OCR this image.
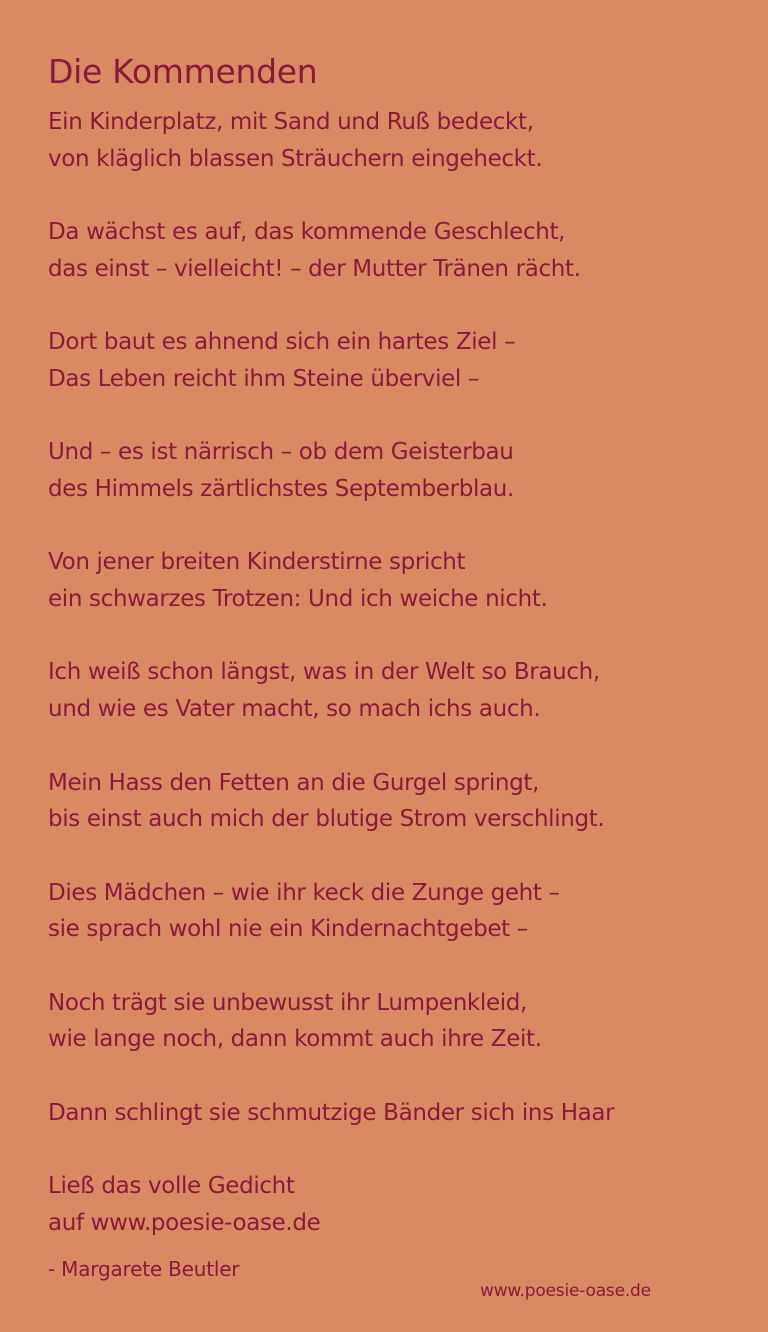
Die Kommenden
Ein Kinderplatz, mit Sand und Ruß bedeckt,
von kläglich blassen Sträuchern eingeheckt.
Da wächst es auf, das kommende Geschlecht,
das einst – vielleicht! – der Mutter Tränen rächt.
Dort baut es ahnend sich ein hartes Ziel –
Das Leben reicht ihm Steine überviel –
Und – es ist närrisch – ob dem Geisterbau
des Himmels zärtlichstes Septemberblau.
Von jener breiten Kinderstirne spricht
ein schwarzes Trotzen: Und ich weiche nicht.
Ich weiß schon längst, was in der Welt so Brauch,
und wie es Vater macht, so mach ichs auch.
Mein Hass den Fetten an die Gurgel springt,
bis einst auch mich der blutige Strom verschlingt.
Dies Mädchen – wie ihr keck die Zunge geht –
sie sprach wohl nie ein Kindernachtgebet –
Noch trägt sie unbewusst ihr Lumpenkleid,
wie lange noch, dann kommt auch ihre Zeit.
Dann schlingt sie schmutzige Bänder sich ins Haar
Ließ das volle Gedicht
auf www.poesie-oase.de
- Margarete Beutler
www.poesie-oase.de
